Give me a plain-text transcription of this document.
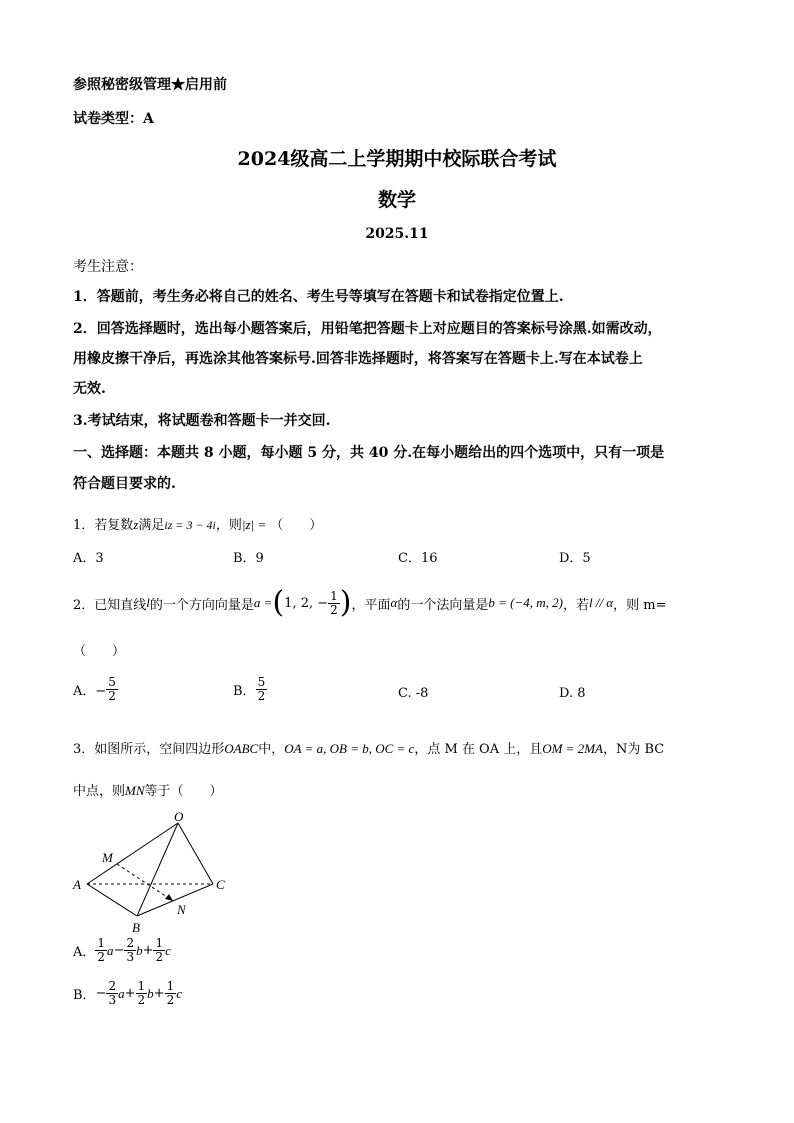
参照秘密级管理★启用前
试卷类型：A
2024级高二上学期期中校际联合考试
数学
2025.11
考生注意：
1．答题前，考生务必将自己的姓名、考生号等填写在答题卡和试卷指定位置上.
2．回答选择题时，选出每小题答案后，用铅笔把答题卡上对应题目的答案标号涂黑.如需改动，
用橡皮擦干净后，再选涂其他答案标号.回答非选择题时，将答案写在答题卡上.写在本试卷上
无效.
3.考试结束，将试题卷和答题卡一并交回.
一、选择题：本题共 8 小题，每小题 5 分，共 40 分.在每小题给出的四个选项中，只有一项是
符合题目要求的.
1．若复数z满足iz = 3 − 4i，则|z| = （　　）
A．3	B．9	C．16	D．5
2．已知直线 l 的一个方向向量是 a = ( 1, 2, − $\frac{1}{2}$ ) ，平面 α 的一个法向量是 b = (−4, m, 2) ，若 l // α ，则 m=
（　　）
A．− $\frac{5}{2}$	B． $\frac{5}{2}$	C. -8	D. 8
3．如图所示，空间四边形OABC中，OA = a, OB = b, OC = c，点 M 在 OA 上，且OM = 2MA，N为 BC
中点，则MN等于（　　）
O
M
A
B
C
N
A． $\frac{1}{2}$ $a - \frac{2}{3}$ $b + \frac{1}{2}$ c
B． − $\frac{2}{3}$ $a + \frac{1}{2}$ $b + \frac{1}{2}$ c
